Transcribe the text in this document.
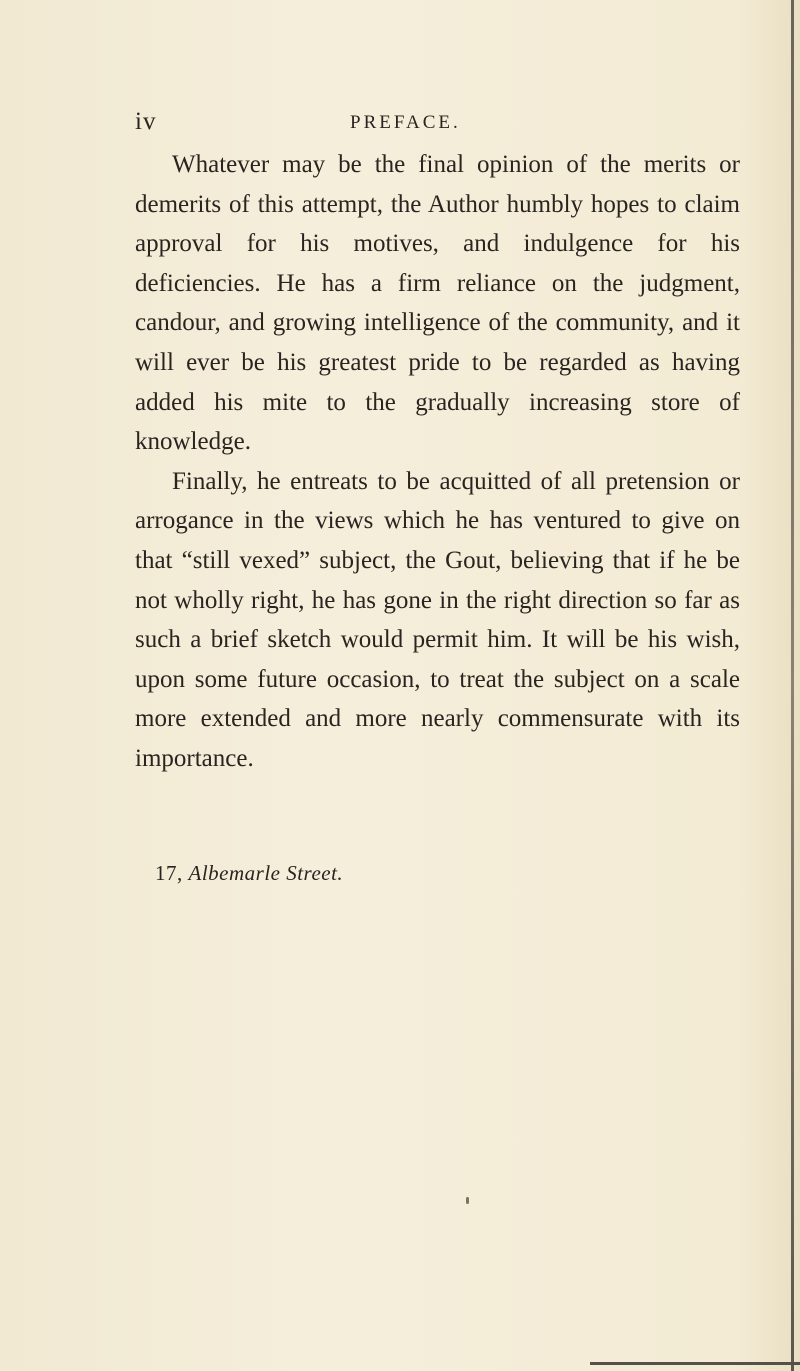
iv	PREFACE.

Whatever may be the final opinion of the merits or demerits of this attempt, the Author humbly hopes to claim approval for his motives, and indulgence for his deficiencies. He has a firm reliance on the judgment, candour, and growing intelligence of the community, and it will ever be his greatest pride to be regarded as having added his mite to the gradually increasing store of knowledge.

Finally, he entreats to be acquitted of all pretension or arrogance in the views which he has ventured to give on that “still vexed” subject, the Gout, believing that if he be not wholly right, he has gone in the right direction so far as such a brief sketch would permit him. It will be his wish, upon some future occasion, to treat the subject on a scale more extended and more nearly commensurate with its importance.

17, Albemarle Street.
